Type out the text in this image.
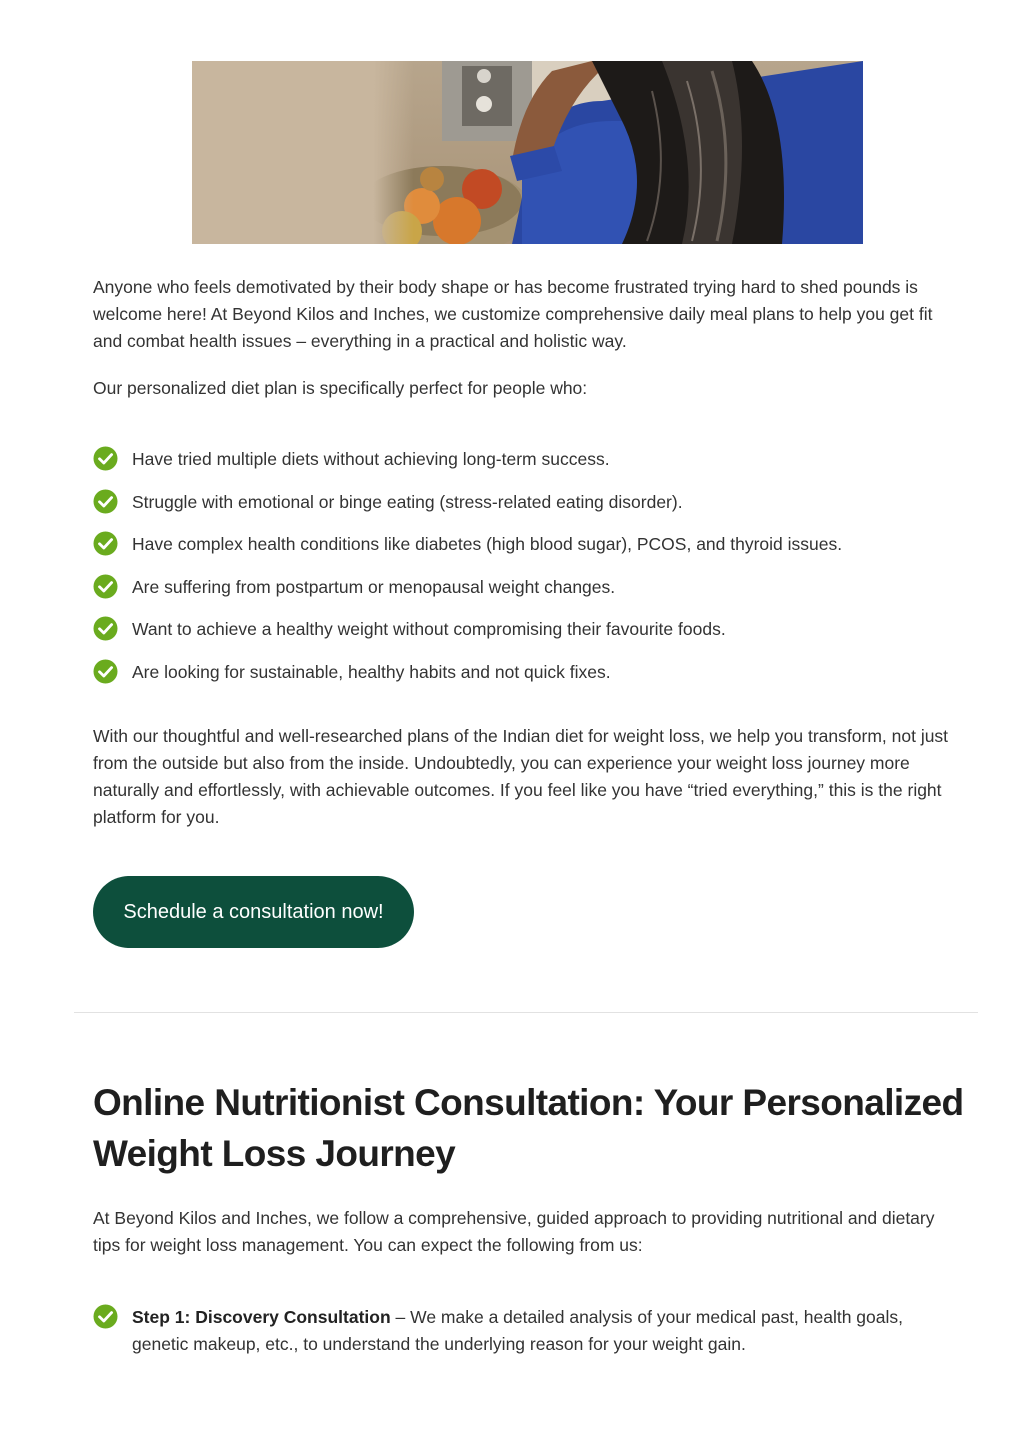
Anyone who feels demotivated by their body shape or has become frustrated trying hard to shed pounds is welcome here! At Beyond Kilos and Inches, we customize comprehensive daily meal plans to help you get fit and combat health issues – everything in a practical and holistic way.

Our personalized diet plan is specifically perfect for people who:

Have tried multiple diets without achieving long-term success.
Struggle with emotional or binge eating (stress-related eating disorder).
Have complex health conditions like diabetes (high blood sugar), PCOS, and thyroid issues.
Are suffering from postpartum or menopausal weight changes.
Want to achieve a healthy weight without compromising their favourite foods.
Are looking for sustainable, healthy habits and not quick fixes.

With our thoughtful and well-researched plans of the Indian diet for weight loss, we help you transform, not just from the outside but also from the inside. Undoubtedly, you can experience your weight loss journey more naturally and effortlessly, with achievable outcomes. If you feel like you have “tried everything,” this is the right platform for you.

Schedule a consultation now!
Online Nutritionist Consultation: Your Personalized Weight Loss Journey

At Beyond Kilos and Inches, we follow a comprehensive, guided approach to providing nutritional and dietary tips for weight loss management. You can expect the following from us:

Step 1: Discovery Consultation – We make a detailed analysis of your medical past, health goals, genetic makeup, etc., to understand the underlying reason for your weight gain.
